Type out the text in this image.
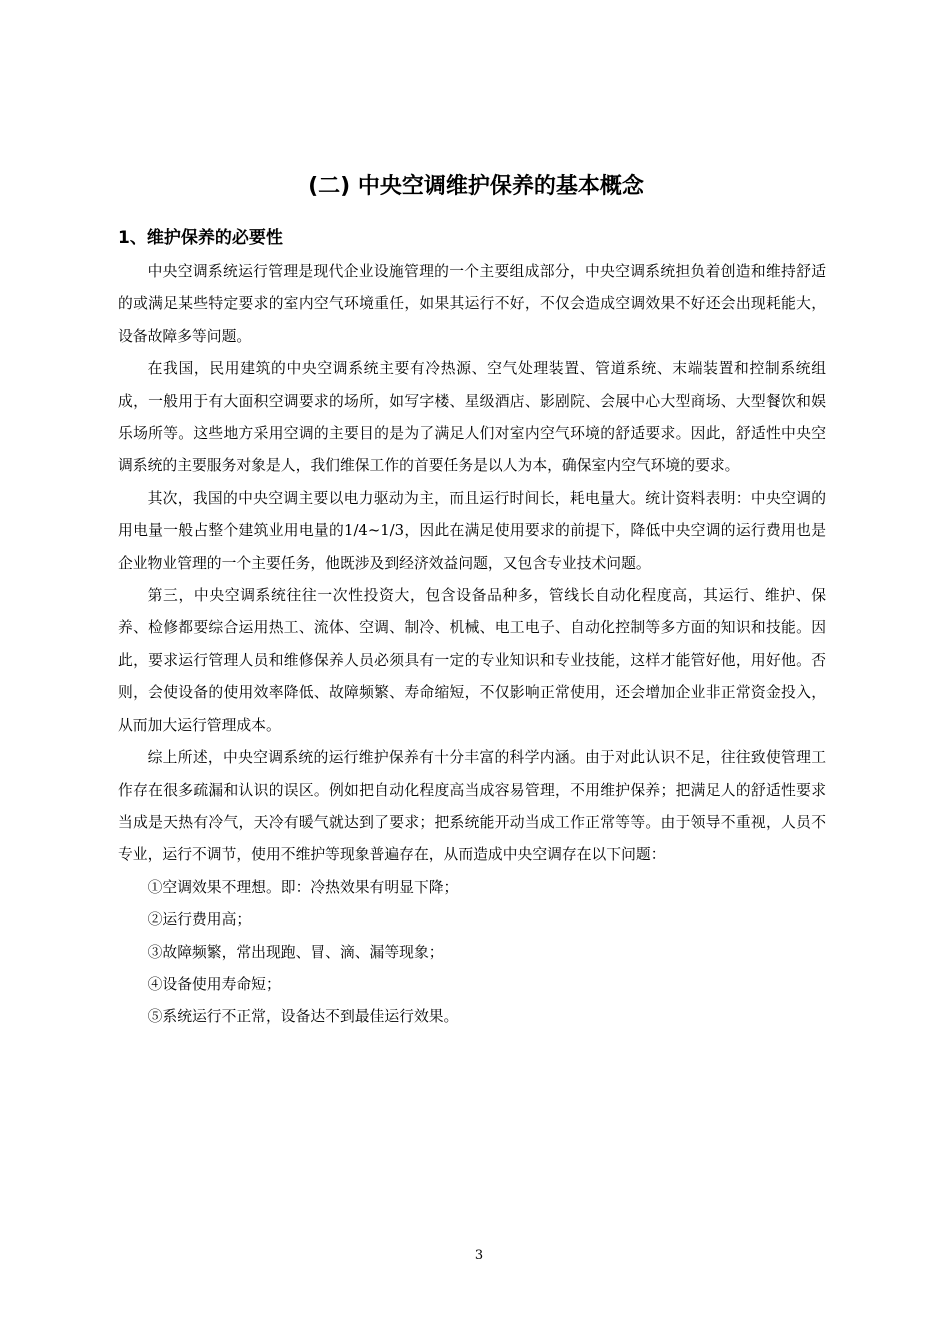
(二) 中央空调维护保养的基本概念
1、维护保养的必要性

中央空调系统运行管理是现代企业设施管理的一个主要组成部分，中央空调系统担负着创造和维持舒适的或满足某些特定要求的室内空气环境重任，如果其运行不好，不仅会造成空调效果不好还会出现耗能大，设备故障多等问题。

在我国，民用建筑的中央空调系统主要有冷热源、空气处理装置、管道系统、末端装置和控制系统组成，一般用于有大面积空调要求的场所，如写字楼、星级酒店、影剧院、会展中心大型商场、大型餐饮和娱乐场所等。这些地方采用空调的主要目的是为了满足人们对室内空气环境的舒适要求。因此，舒适性中央空调系统的主要服务对象是人，我们维保工作的首要任务是以人为本，确保室内空气环境的要求。

其次，我国的中央空调主要以电力驱动为主，而且运行时间长，耗电量大。统计资料表明：中央空调的用电量一般占整个建筑业用电量的1/4~1/3，因此在满足使用要求的前提下，降低中央空调的运行费用也是企业物业管理的一个主要任务，他既涉及到经济效益问题，又包含专业技术问题。

第三，中央空调系统往往一次性投资大，包含设备品种多，管线长自动化程度高，其运行、维护、保养、检修都要综合运用热工、流体、空调、制冷、机械、电工电子、自动化控制等多方面的知识和技能。因此，要求运行管理人员和维修保养人员必须具有一定的专业知识和专业技能，这样才能管好他，用好他。否则，会使设备的使用效率降低、故障频繁、寿命缩短，不仅影响正常使用，还会增加企业非正常资金投入，从而加大运行管理成本。

综上所述，中央空调系统的运行维护保养有十分丰富的科学内涵。由于对此认识不足，往往致使管理工作存在很多疏漏和认识的误区。例如把自动化程度高当成容易管理，不用维护保养；把满足人的舒适性要求当成是天热有冷气，天冷有暖气就达到了要求；把系统能开动当成工作正常等等。由于领导不重视，人员不专业，运行不调节，使用不维护等现象普遍存在，从而造成中央空调存在以下问题：

①空调效果不理想。即：冷热效果有明显下降；
②运行费用高；
③故障频繁，常出现跑、冒、滴、漏等现象；
④设备使用寿命短；
⑤系统运行不正常，设备达不到最佳运行效果。
3
